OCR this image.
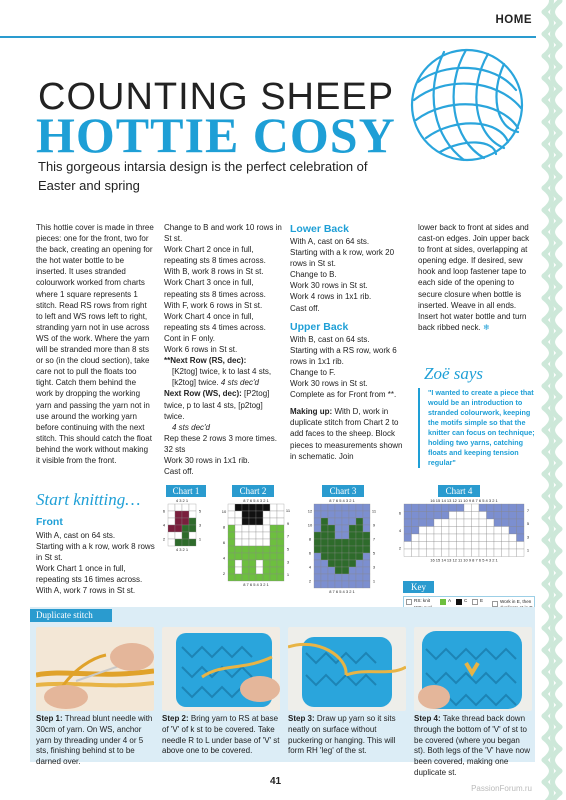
HOME
COUNTING SHEEP
HOTTIE COSY
This gorgeous intarsia design is the perfect celebration of Easter and spring

This hottie cover is made in three pieces: one for the front, two for the back, creating an opening for the hot water bottle to be inserted. It uses stranded colourwork worked from charts where 1 square represents 1 stitch. Read RS rows from right to left and WS rows left to right, stranding yarn not in use across WS of the work. Where the yarn will be stranded more than 8 sts or so (in the cloud section), take care not to pull the floats too tight. Catch them behind the work by dropping the working yarn and passing the yarn not in use around the working yarn before continuing with the next stitch. This should catch the float behind the work without making it visible from the front.

Change to B and work 10 rows in St st.

Work Chart 2 once in full, repeating sts 8 times across.

With B, work 8 rows in St st.

Work Chart 3 once in full, repeating sts 8 times across.

With F, work 6 rows in St st.

Work Chart 4 once in full, repeating sts 4 times across.

Cont in F only.

Work 6 rows in St st.

**Next Row (RS, dec):

[K2tog] twice, k to last 4 sts,

[k2tog] twice. 4 sts dec'd

Next Row (WS, dec): [P2tog] twice, p to last 4 sts, [p2tog] twice.

4 sts dec'd

Rep these 2 rows 3 more times. 32 sts

Work 30 rows in 1x1 rib.

Cast off.

Lower Back

With A, cast on 64 sts.

Starting with a k row, work 20 rows in St st.

Change to B.

Work 30 rows in St st.

Work 4 rows in 1x1 rib.

Cast off.

Upper Back

With B, cast on 64 sts.

Starting with a RS row, work 6 rows in 1x1 rib.

Change to F.

Work 30 rows in St st.

Complete as for Front from **.

Making up: With D, work in duplicate stitch from Chart 2 to add faces to the sheep. Block pieces to measurements shown in schematic. Join

lower back to front at sides and cast-on edges. Join upper back to front at sides, overlapping at opening edge. If desired, sew hook and loop fastener tape to each side of the opening to secure closure when bottle is inserted. Weave in all ends. Insert hot water bottle and turn back ribbed neck. ❄

Zoë says
"I wanted to create a piece that would be an introduction to stranded colourwork, keeping the motifs simple so that the knitter can focus on technique; holding two yarns, catching floats and keeping tension regular"
Start knitting…

Front

With A, cast on 64 sts.

Starting with a k row, work 8 rows in St st.

Work Chart 1 once in full, repeating sts 16 times across.

With A, work 7 rows in St st.

Chart 1	Chart 2	Chart 3	Chart 4
4 3 2 1
4 3 2 1
5
3
1
6
4
2
8 7 6 5 4 3 2 1
8 7 6 5 4 3 2 1
11
9
7
5
3
1
10
8
6
4
2
8 7 6 5 4 3 2 1
8 7 6 5 4 3 2 1
11
9
7
5
3
1
12
10
8
6
4
2
16 15 14 13 12 11 10 9 8 7 6 5 4 3 2 1
16 15 14 13 12 11 10 9 8 7 6 5 4 3 2 1
7
5
3
1
6
4
2
Key
RS: knit	A	C	E	Work in E, then
Duplicate stitch
Step 1: Thread blunt needle with 30cm of yarn. On WS, anchor yarn by threading under 4 or 5 sts, finishing behind st to be darned over.
Step 2: Bring yarn to RS at base of 'V' of k st to be covered. Take needle R to L under base of 'V' st above one to be covered.
Step 3: Draw up yarn so it sits neatly on surface without puckering or hanging. This will form RH 'leg' of the st.
Step 4: Take thread back down through the bottom of 'V' of st to be covered (where you began st). Both legs of the 'V' have now been covered, making one duplicate st.
41
PassionForum.ru
